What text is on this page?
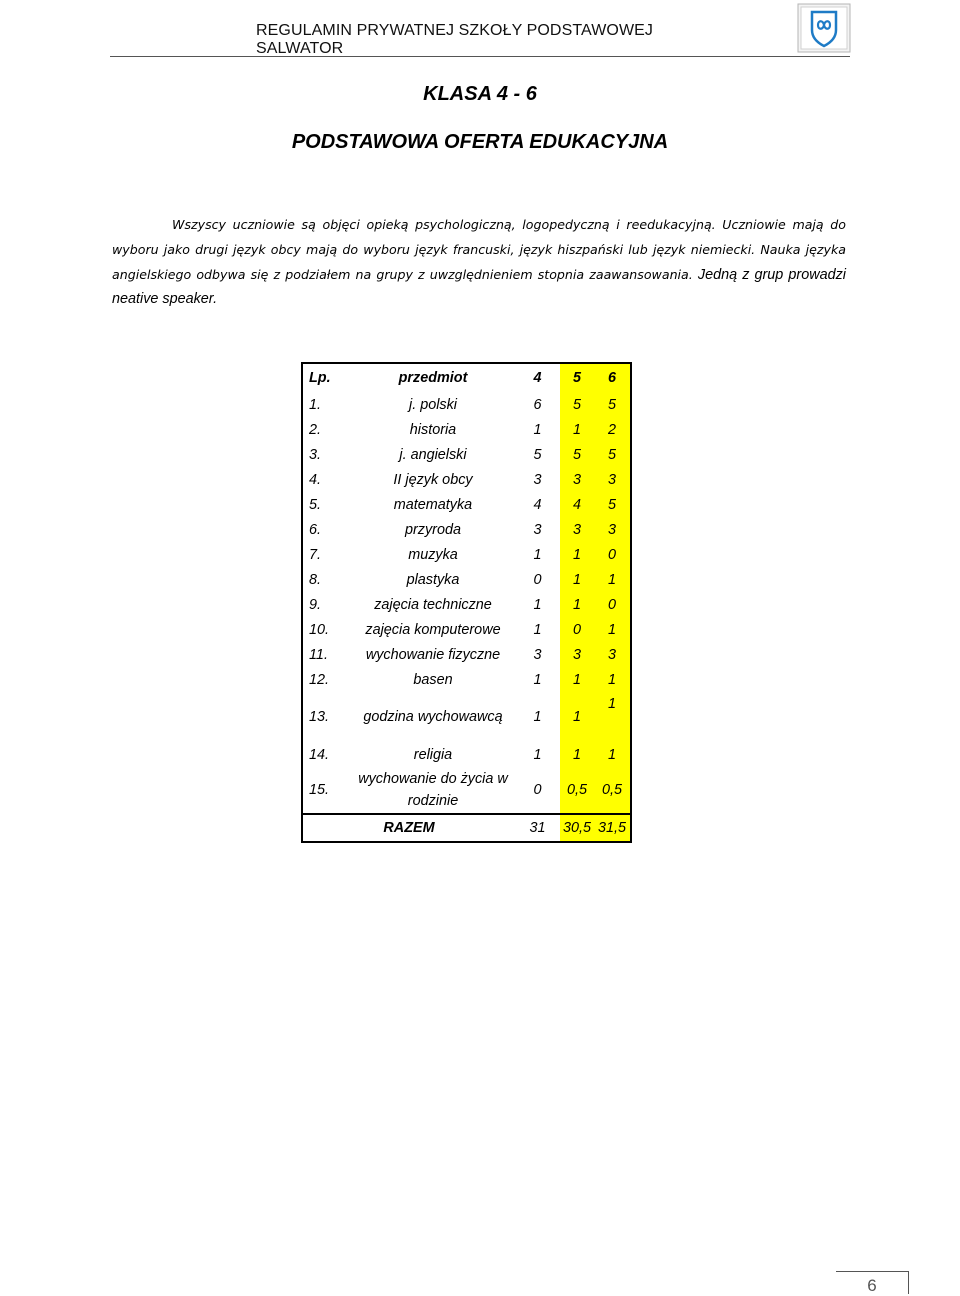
REGULAMIN PRYWATNEJ SZKOŁY PODSTAWOWEJ SALWATOR
KLASA 4 - 6
PODSTAWOWA OFERTA EDUKACYJNA
Wszyscy uczniowie są objęci opieką psychologiczną, logopedyczną i reedukacyjną. Uczniowie mają do wyboru jako drugi język obcy mają do wyboru język francuski, język hiszpański lub język niemiecki. Nauka języka angielskiego odbywa się z podziałem na grupy z uwzględnieniem stopnia zaawansowania. Jedną z grup prowadzi neative speaker.
Lp.	przedmiot	4	5	6
1.	j. polski	6	5	5
2.	historia	1	1	2
3.	j. angielski	5	5	5
4.	II język obcy	3	3	3
5.	matematyka	4	4	5
6.	przyroda	3	3	3
7.	muzyka	1	1	0
8.	plastyka	0	1	1
9.	zajęcia techniczne	1	1	0
10.	zajęcia komputerowe	1	0	1
11.	wychowanie fizyczne	3	3	3
12.	basen	1	1	1
13.	godzina wychowawcą	1	1	1
14.	religia	1	1	1
15.	wychowanie do życia w rodzinie	0	0,5	0,5
RAZEM		31	30,5	31,5
6
